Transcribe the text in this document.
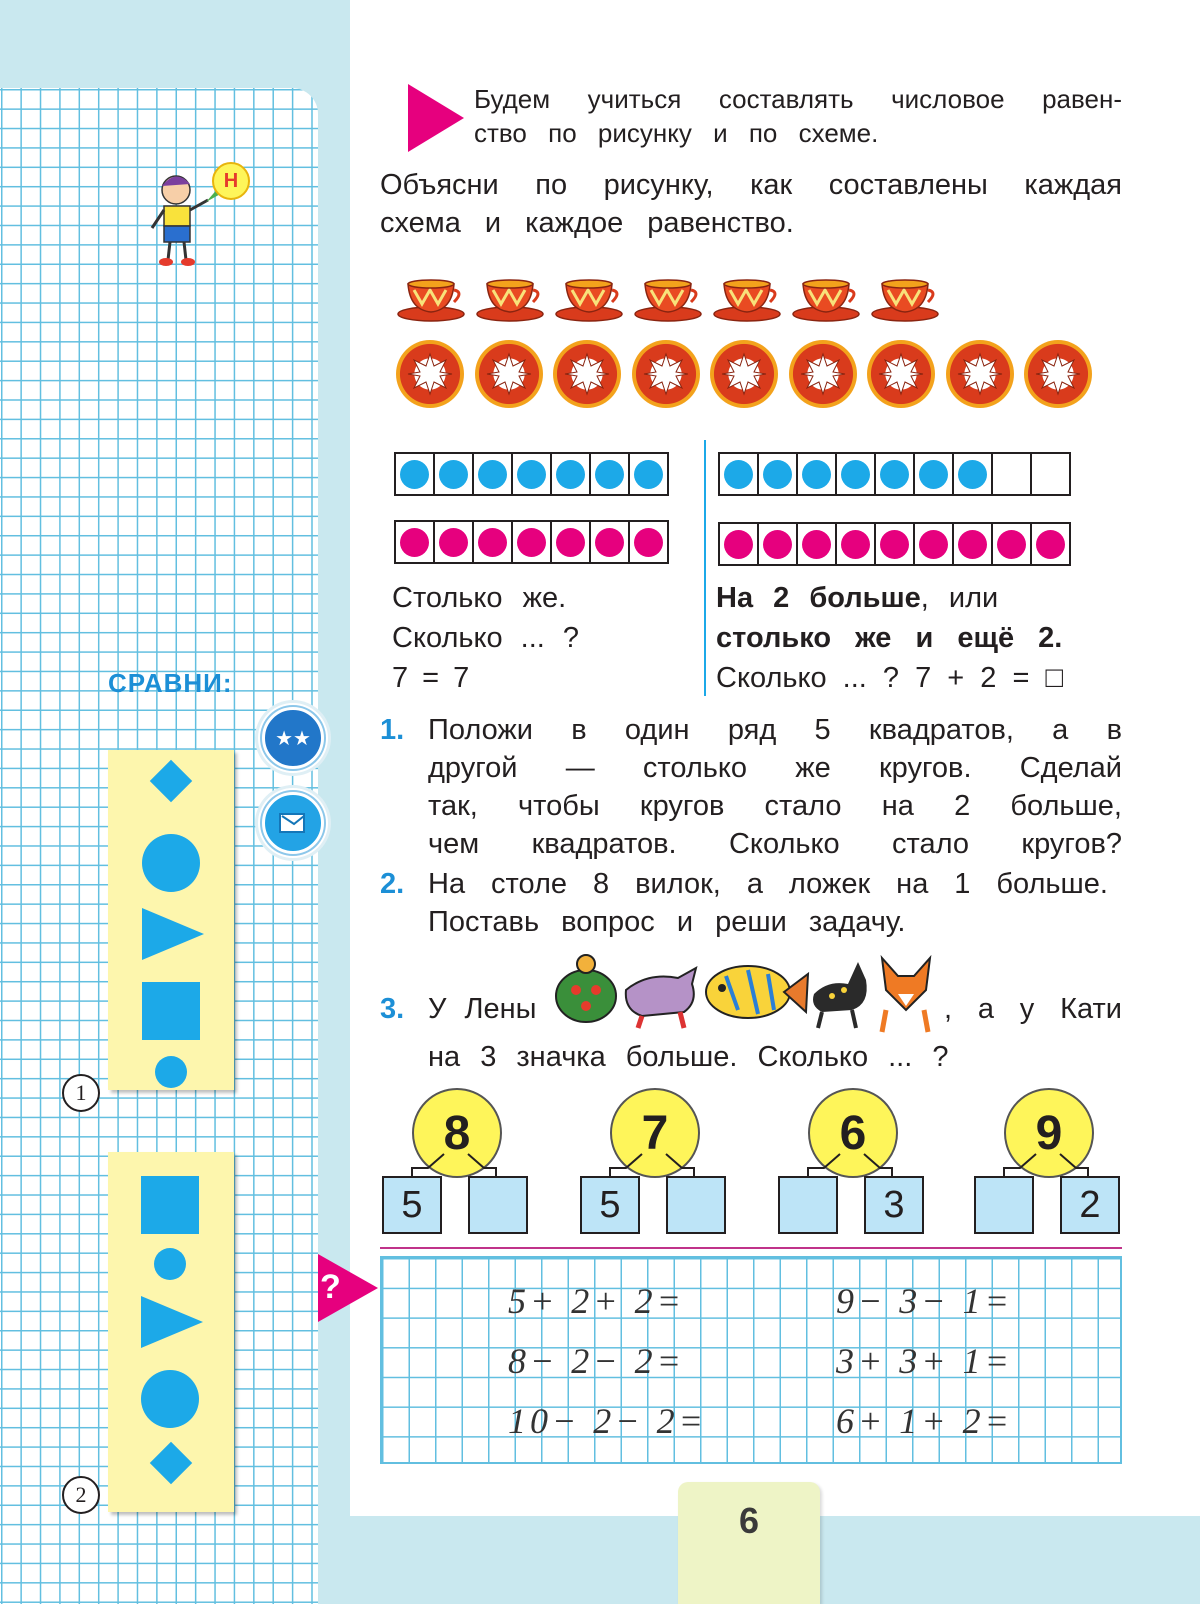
Н
СРАВНИ:
★★
1
2
Будем учиться составлять числовое равен-
ство по рисунку и по схеме.
Объясни по рисунку, как составлены каждая
схема и каждое равенство.
Столько же.
Сколько ... ?
7 = 7
На 2 больше, или
столько же и ещё 2.
Сколько ... ? 7 + 2 = □
1. Положи в один ряд 5 квадратов, а в
другой — столько же кругов. Сделай
так, чтобы кругов стало на 2 больше,
чем квадратов. Сколько стало кругов?
2. На столе 8 вилок, а ложек на 1 больше.
Поставь вопрос и реши задачу.
3. У Лены	, а у Кати
на 3 значка больше. Сколько ... ?
8
5
7
5
6
3
9
2
?	5+ 2+ 2=
8− 2− 2=
10− 2− 2=
9− 3− 1=
3+ 3+ 1=
6+ 1+ 2=
6
